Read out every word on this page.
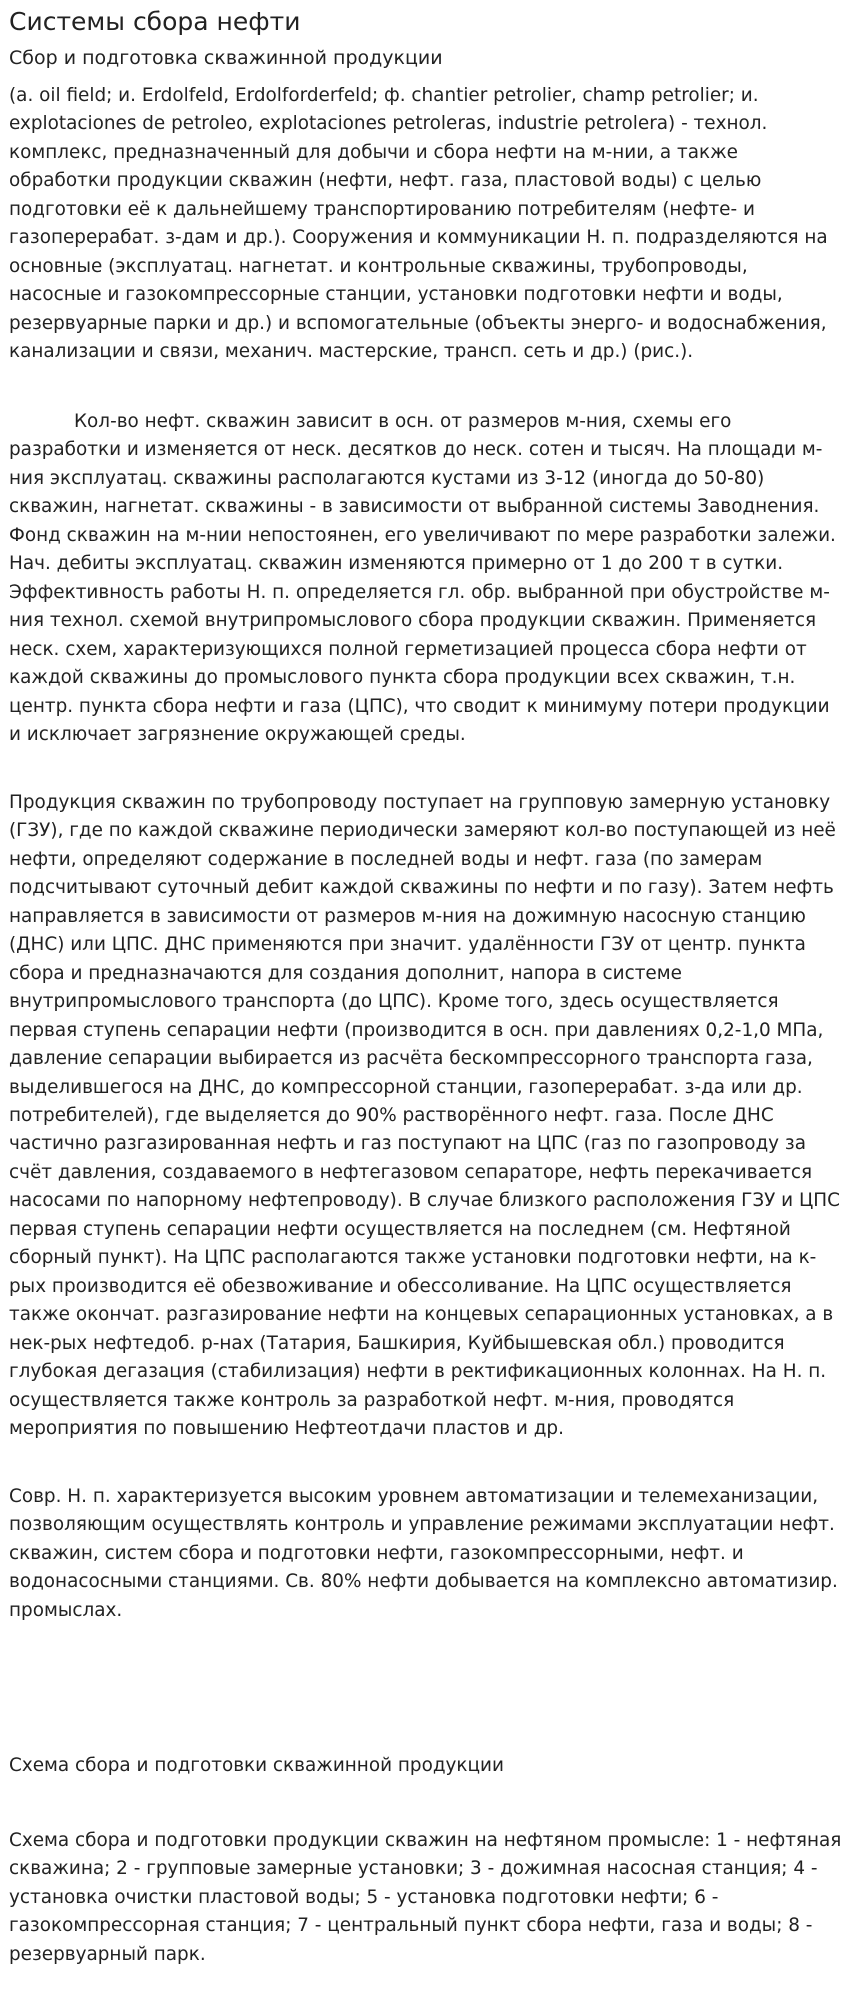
Системы сбора нефти
Сбор и подготовка скважинной продукции

(а. oil field; и. Erdolfeld, Erdolforderfeld; ф. chantier petrolier, champ petrolier; и. explotaciones de petroleo, explotaciones petroleras, industrie petrolera) - технол. комплекс, предназначенный для добычи и сбора нефти на м-нии, а также обработки продукции скважин (нефти, нефт. газа, пластовой воды) с целью подготовки её к дальнейшему транспортированию потребителям (нефте- и газоперерабат. з-дам и др.). Сооружения и коммуникации Н. п. подразделяются на основные (эксплуатац. нагнетат. и контрольные скважины, трубопроводы, насосные и газокомпрессорные станции, установки подготовки нефти и воды, резервуарные парки и др.) и вспомогательные (объекты энерго- и водоснабжения, канализации и связи, механич. мастерские, трансп. сеть и др.) (рис.).

Кол-во нефт. скважин зависит в осн. от размеров м-ния, схемы его разработки и изменяется от неск. десятков до неск. сотен и тысяч. На площади м-ния эксплуатац. скважины располагаются кустами из 3-12 (иногда до 50-80) скважин, нагнетат. скважины - в зависимости от выбранной системы Заводнения. Фонд скважин на м-нии непостоянен, его увеличивают по мере разработки залежи. Нач. дебиты эксплуатац. скважин изменяются примерно от 1 до 200 т в сутки. Эффективность работы Н. п. определяется гл. обр. выбранной при обустройстве м-ния технол. схемой внутрипромыслового сбора продукции скважин. Применяется неск. схем, характеризующихся полной герметизацией процесса сбора нефти от каждой скважины до промыслового пункта сбора продукции всех скважин, т.н. центр. пункта сбора нефти и газа (ЦПС), что сводит к минимуму потери продукции и исключает загрязнение окружающей среды.

Продукция скважин по трубопроводу поступает на групповую замерную установку (ГЗУ), где по каждой скважине периодически замеряют кол-во поступающей из неё нефти, определяют содержание в последней воды и нефт. газа (по замерам подсчитывают суточный дебит каждой скважины по нефти и по газу). Затем нефть направляется в зависимости от размеров м-ния на дожимную насосную станцию (ДНС) или ЦПС. ДНС применяются при значит. удалённости ГЗУ от центр. пункта сбора и предназначаются для создания дополнит, напора в системе внутрипромыслового транспорта (до ЦПС). Кроме того, здесь осуществляется первая ступень сепарации нефти (производится в осн. при давлениях 0,2-1,0 МПа, давление сепарации выбирается из расчёта бескомпрессорного транспорта газа, выделившегося на ДНС, до компрессорной станции, газоперерабат. з-да или др. потребителей), где выделяется до 90% растворённого нефт. газа. После ДНС частично разгазированная нефть и газ поступают на ЦПС (газ по газопроводу за счёт давления, создаваемого в нефтегазовом сепараторе, нефть перекачивается насосами по напорному нефтепроводу). В случае близкого расположения ГЗУ и ЦПС первая ступень сепарации нефти осуществляется на последнем (см. Нефтяной сборный пункт). На ЦПС располагаются также установки подготовки нефти, на к-рых производится её обезвоживание и обессоливание. На ЦПС осуществляется также окончат. разгазирование нефти на концевых сепарационных установках, а в нек-рых нефтедоб. р-нах (Татария, Башкирия, Куйбышевская обл.) проводится глубокая дегазация (стабилизация) нефти в ректификационных колоннах. На Н. п. осуществляется также контроль за разработкой нефт. м-ния, проводятся мероприятия по повышению Нефтеотдачи пластов и др.

Совр. Н. п. характеризуется высоким уровнем автоматизации и телемеханизации, позволяющим осуществлять контроль и управление режимами эксплуатации нефт. скважин, систем сбора и подготовки нефти, газокомпрессорными, нефт. и водонасосными станциями. Св. 80% нефти добывается на комплексно автоматизир. промыслах.

Схема сбора и подготовки скважинной продукции

Схема сбора и подготовки продукции скважин на нефтяном промысле: 1 - нефтяная скважина; 2 - групповые замерные установки; 3 - дожимная насосная станция; 4 - установка очистки пластовой воды; 5 - установка подготовки нефти; 6 - газокомпрессорная станция; 7 - центральный пункт сбора нефти, газа и воды; 8 - резервуарный парк.
